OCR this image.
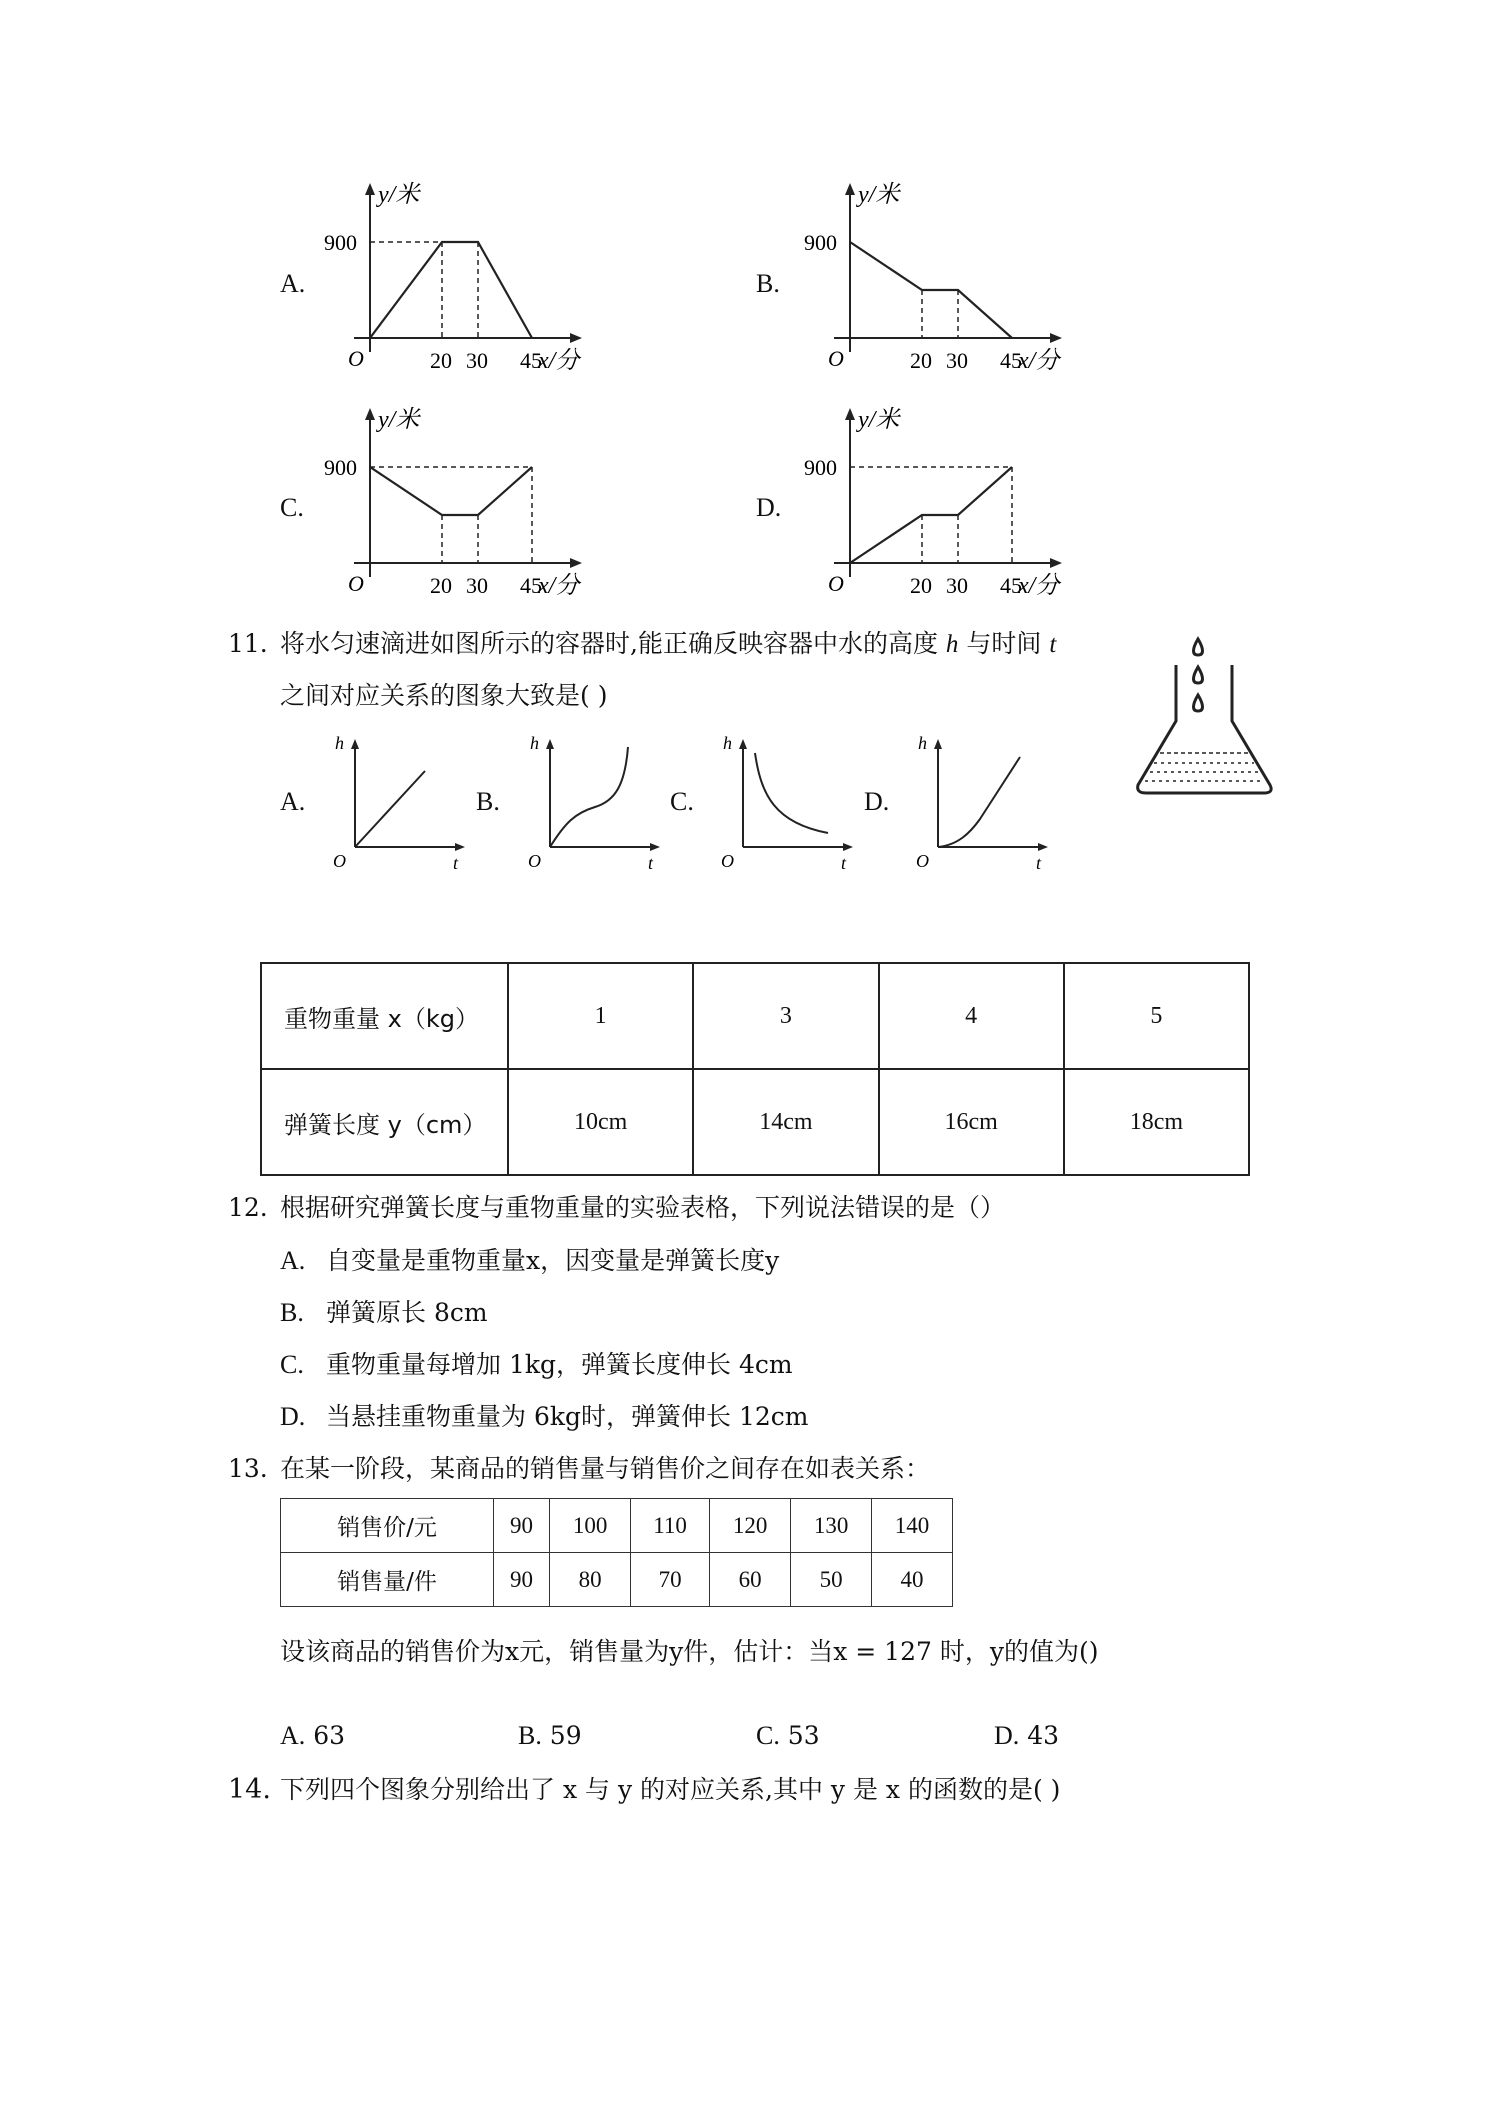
A.
y/米
900
O	20 30 45
x/分
B.
y/米
900
O	20 30 45
x/分
C.
y/米
900
O	20 30 45
x/分
D.
y/米
900
O	20 30 45
x/分
11. 将水匀速滴进如图所示的容器时,能正确反映容器中水的高度 h 与时间 t
之间对应关系的图象大致是( )
A.
h
t
O
B.
h
t
O
C.
h
t
O
D.
h
t
O
重物重量 x（kg）	1	3	4	5
弹簧长度 y（cm）	10cm	14cm	16cm	18cm
12. 根据研究弹簧长度与重物重量的实验表格，下列说法错误的是（）
A. 自变量是重物重量x，因变量是弹簧长度y
B. 弹簧原长 8cm
C. 重物重量每增加 1kg，弹簧长度伸长 4cm
D. 当悬挂重物重量为 6kg时，弹簧伸长 12cm
13. 在某一阶段，某商品的销售量与销售价之间存在如表关系：
销售价/元	90	100	110	120	130	140
销售量/件	90	80	70	60	50	40
设该商品的销售价为x元，销售量为y件，估计：当x = 127 时，y的值为()
A. 63	B. 59	C. 53	D. 43
14. 下列四个图象分别给出了 x 与 y 的对应关系,其中 y 是 x 的函数的是( )
